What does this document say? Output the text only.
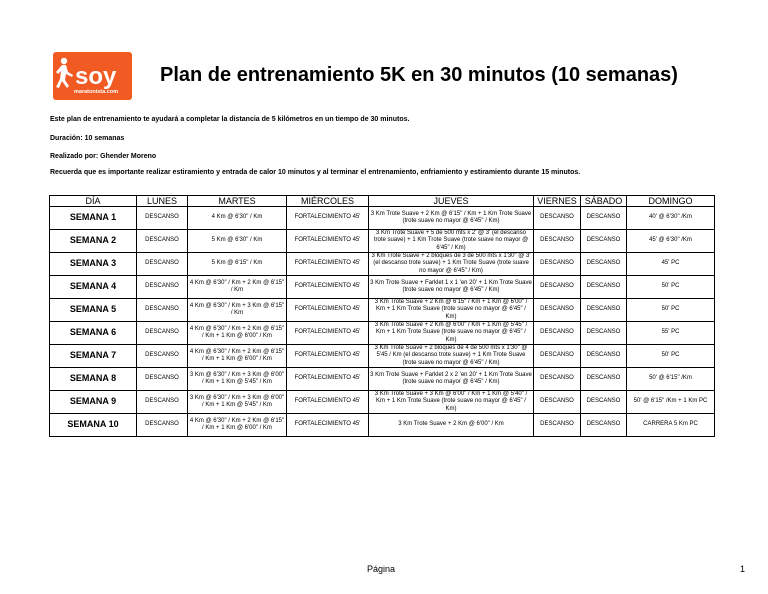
soy
maratonista.com
Plan de entrenamiento 5K en 30 minutos (10 semanas)
Este plan de entrenamiento te ayudará a completar la distancia de 5 kilómetros en un tiempo de 30 minutos.
Duración: 10 semanas
Realizado por: Ghender Moreno
Recuerda que es importante realizar estiramiento y entrada de calor 10 minutos y al terminar el entrenamiento, enfriamiento y estiramiento durante 15 minutos.
DÍA	LUNES	MARTES	MIÉRCOLES	JUEVES	VIERNES	SÁBADO	DOMINGO
SEMANA 1	DESCANSO	4 Km @ 6'30" / Km	FORTALECIMIENTO 45'	3 Km Trote Suave + 2 Km @ 6'15" / Km + 1 Km Trote Suave (trote suave no mayor @ 6'45" / Km)	DESCANSO	DESCANSO	40' @ 6'30" /Km
SEMANA 2	DESCANSO	5 Km @ 6'30" / Km	FORTALECIMIENTO 45'	3 Km Trote Suave + 5 de 500 mts x 2' @ 3' (el descanso trote suave) + 1 Km Trote Suave (trote suave no mayor @ 6'45" / Km)	DESCANSO	DESCANSO	45' @ 6'30" /Km
SEMANA 3	DESCANSO	5 Km @ 6'15" / Km	FORTALECIMIENTO 45'	3 Km Trote Suave + 2 bloques de 3 de 500 mts x 1'30" @ 3' (el descanso trote suave) + 1 Km Trote Suave (trote suave no mayor @ 6'45" / Km)	DESCANSO	DESCANSO	45' PC
SEMANA 4	DESCANSO	4 Km @ 6'30" / Km + 2 Km @ 6'15" / Km	FORTALECIMIENTO 45'	3 Km Trote Suave + Farklet 1 x 1 'en 20' + 1 Km Trote Suave (trote suave no mayor @ 6'45" / Km)	DESCANSO	DESCANSO	50' PC
SEMANA 5	DESCANSO	4 Km @ 6'30" / Km + 3 Km @ 6'15" / Km	FORTALECIMIENTO 45'	3 Km Trote Suave + 2 Km @ 6'15" / Km + 1 Km @ 6'00" / Km + 1 Km Trote Suave (trote suave no mayor @ 6'45" / Km)	DESCANSO	DESCANSO	50' PC
SEMANA 6	DESCANSO	4 Km @ 6'30" / Km + 2 Km @ 6'15" / Km + 1 Km @ 6'00" / Km	FORTALECIMIENTO 45'	3 Km Trote Suave + 2 Km @ 6'00" / Km + 1 Km @ 5'45" / Km + 1 Km Trote Suave (trote suave no mayor @ 6'45" / Km)	DESCANSO	DESCANSO	55' PC
SEMANA 7	DESCANSO	4 Km @ 6'30" / Km + 2 Km @ 6'15" / Km + 1 Km @ 6'00" / Km	FORTALECIMIENTO 45'	3 Km Trote Suave + 2 bloques de 4 de 500 mts x 1'30" @ 5'45 / Km (el descanso trote suave) + 1 Km Trote Suave (trote suave no mayor @ 6'45" / Km)	DESCANSO	DESCANSO	50' PC
SEMANA 8	DESCANSO	3 Km @ 6'30" / Km + 3 Km @ 6'00" / Km + 1 Km @ 5'45" / Km	FORTALECIMIENTO 45'	3 Km Trote Suave + Farklet 2 x 2 'en 20' + 1 Km Trote Suave (trote suave no mayor @ 6'45" / Km)	DESCANSO	DESCANSO	50' @ 6'15" /Km
SEMANA 9	DESCANSO	3 Km @ 6'30" / Km + 3 Km @ 6'00" / Km + 1 Km @ 5'45" / Km	FORTALECIMIENTO 45'	3 Km Trote Suave + 3 Km @ 6'00" / Km + 1 Km @ 5'40" / Km + 1 Km Trote Suave (trote suave no mayor @ 6'45" / Km)	DESCANSO	DESCANSO	50' @ 6'15" /Km + 1 Km PC
SEMANA 10	DESCANSO	4 Km @ 6'30" / Km + 2 Km @ 6'15" / Km + 1 Km @ 6'00" / Km	FORTALECIMIENTO 45'	3 Km Trote Suave + 2 Km @ 6'00" / Km	DESCANSO	DESCANSO	CARRERA 5 Km PC
Página	1
